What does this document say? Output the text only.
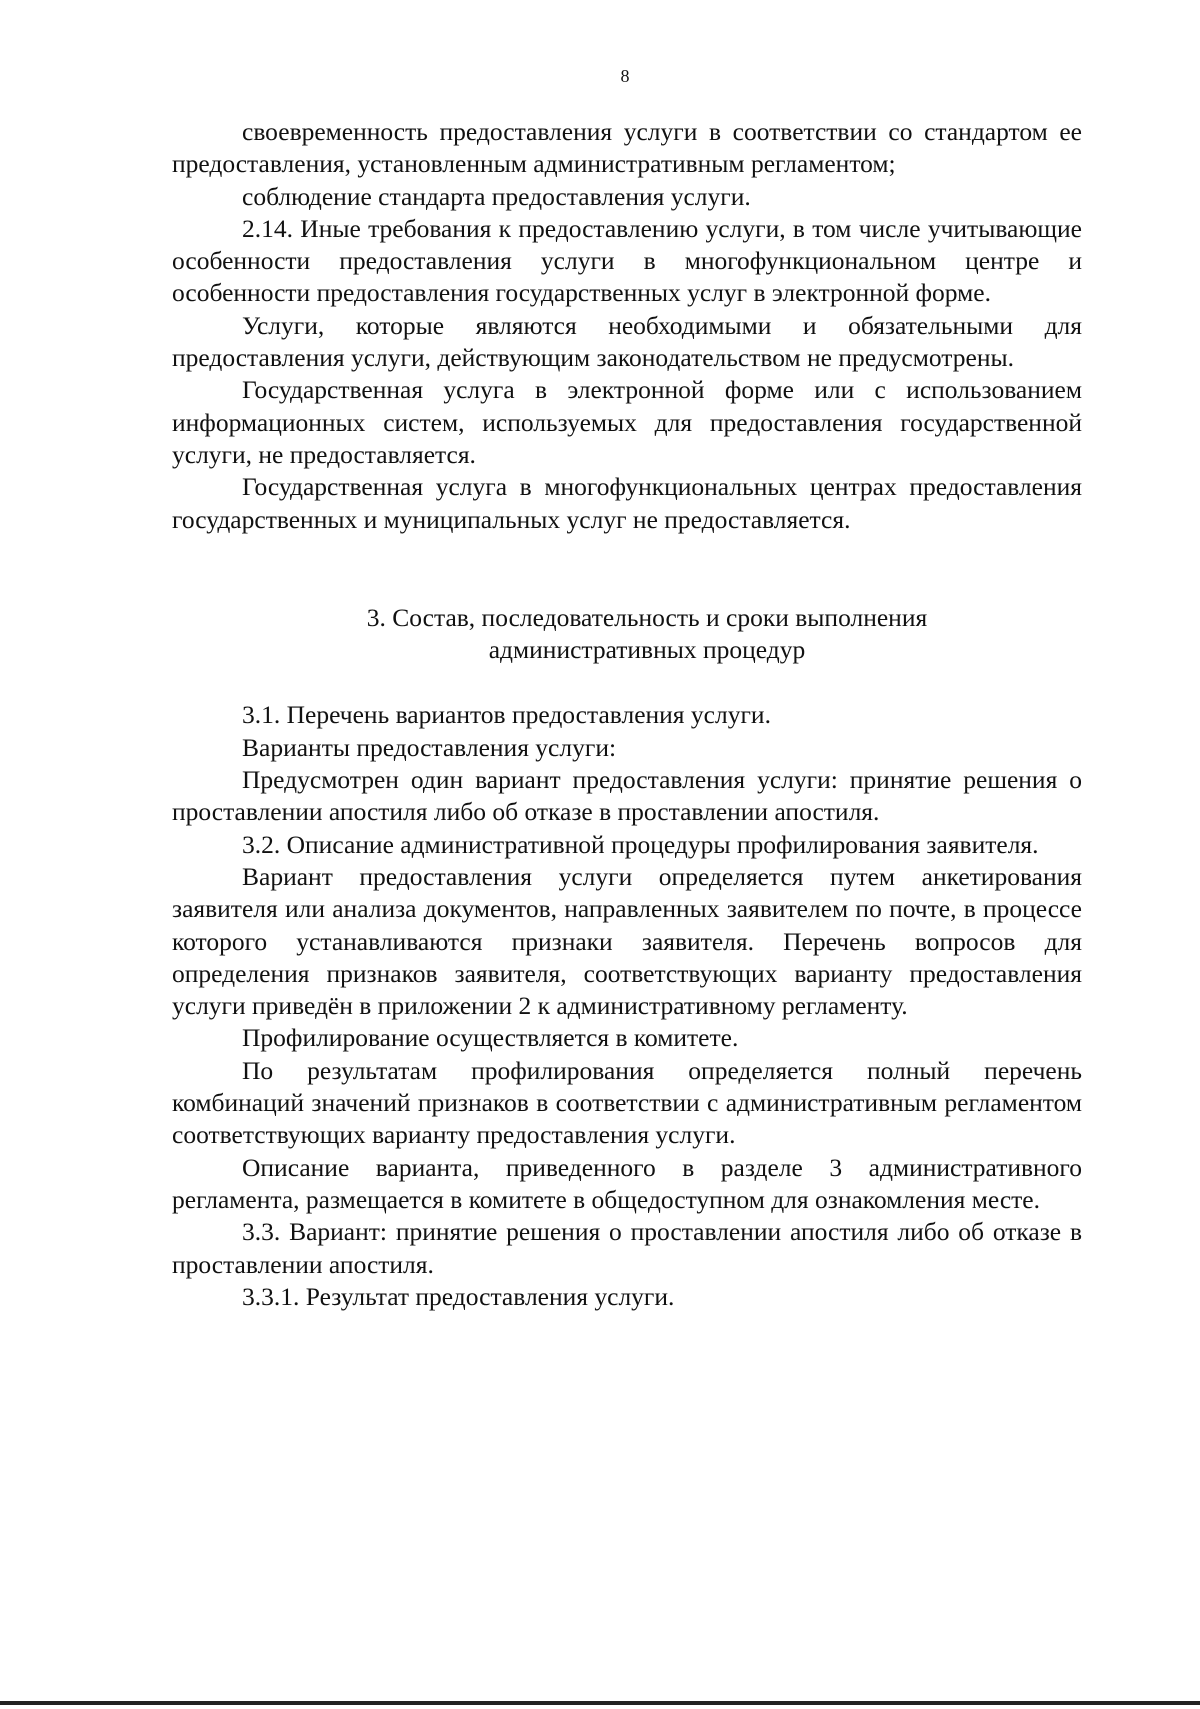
8

своевременность предоставления услуги в соответствии со стандартом ее предоставления, установленным административным регламентом;

соблюдение стандарта предоставления услуги.

2.14. Иные требования к предоставлению услуги, в том числе учитывающие особенности предоставления услуги в многофункциональном центре и особенности предоставления государственных услуг в электронной форме.

Услуги, которые являются необходимыми и обязательными для предоставления услуги, действующим законодательством не предусмотрены.

Государственная услуга в электронной форме или с использованием информационных систем, используемых для предоставления государственной услуги, не предоставляется.

Государственная услуга в многофункциональных центрах предоставления государственных и муниципальных услуг не предоставляется.

3. Состав, последовательность и сроки выполнения

административных процедур

3.1. Перечень вариантов предоставления услуги.

Варианты предоставления услуги:

Предусмотрен один вариант предоставления услуги: принятие решения о проставлении апостиля либо об отказе в проставлении апостиля.

3.2. Описание административной процедуры профилирования заявителя.

Вариант предоставления услуги определяется путем анкетирования заявителя или анализа документов, направленных заявителем по почте, в процессе которого устанавливаются признаки заявителя. Перечень вопросов для определения признаков заявителя, соответствующих варианту предоставления услуги приведён в приложении 2 к административному регламенту.

Профилирование осуществляется в комитете.

По результатам профилирования определяется полный перечень комбинаций значений признаков в соответствии с административным регламентом соответствующих варианту предоставления услуги.

Описание варианта, приведенного в разделе 3 административного регламента, размещается в комитете в общедоступном для ознакомления месте.

3.3. Вариант: принятие решения о проставлении апостиля либо об отказе в проставлении апостиля.

3.3.1. Результат предоставления услуги.
